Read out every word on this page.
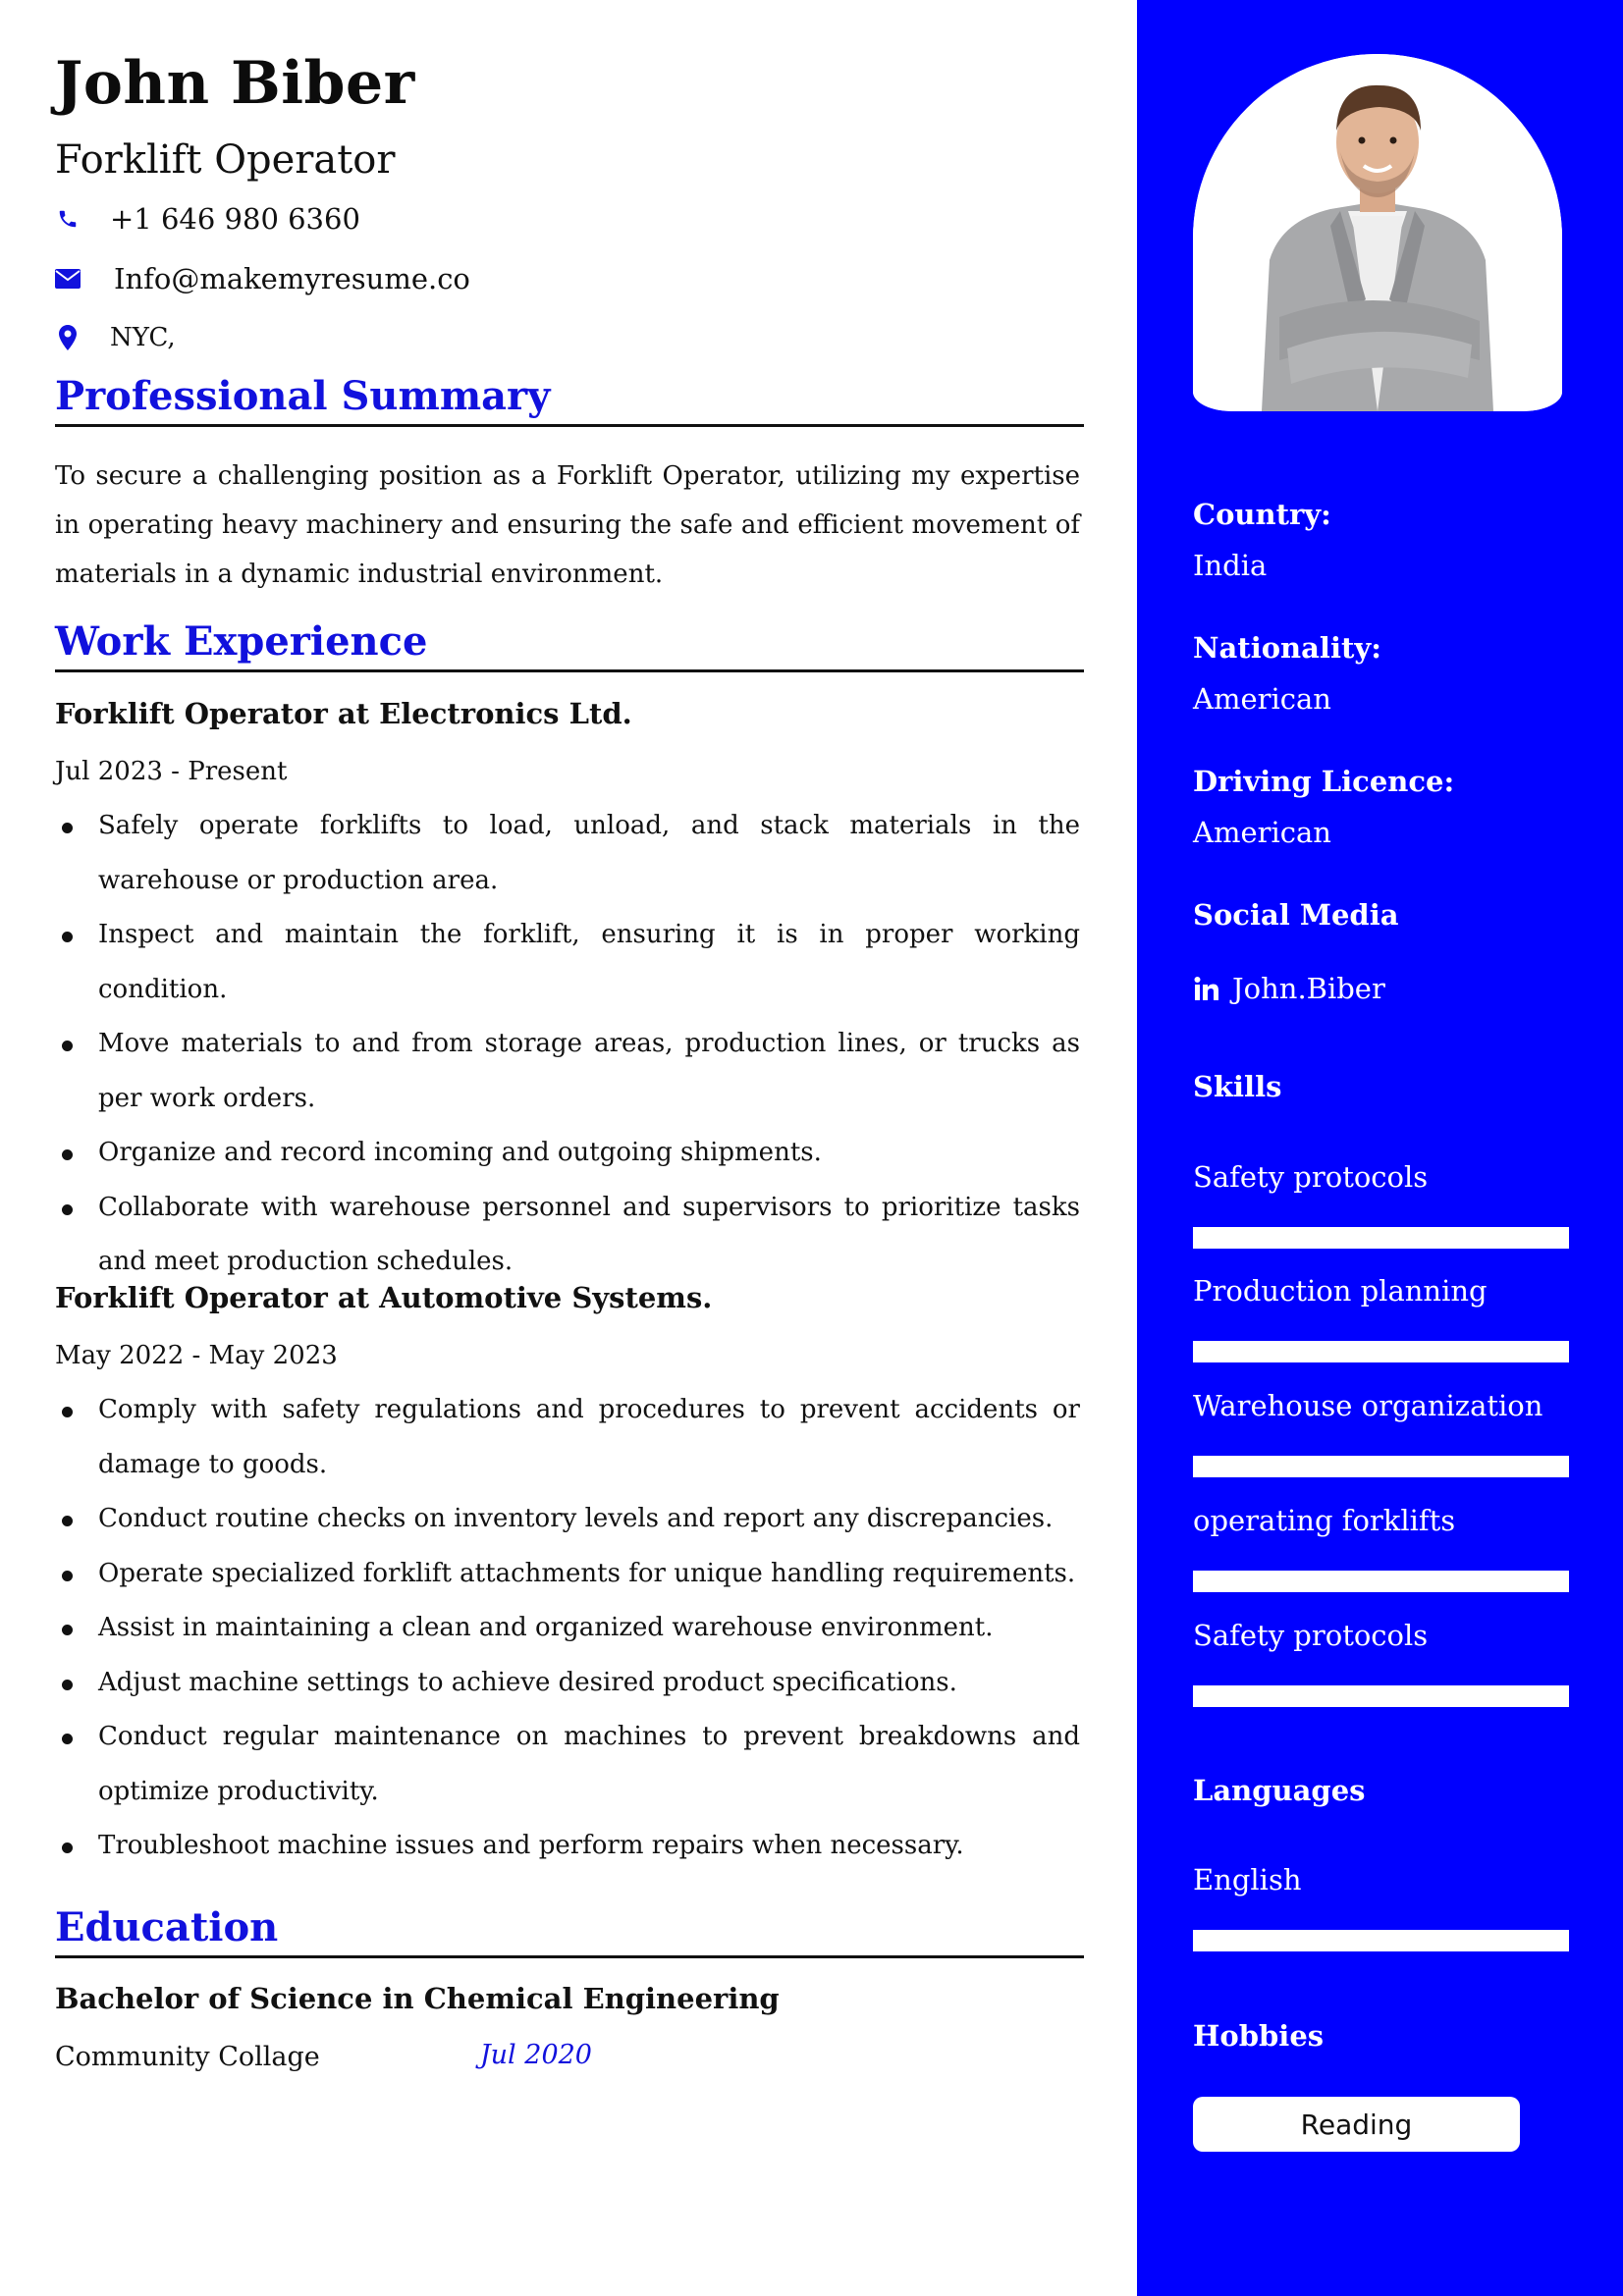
John Biber
Forklift Operator
+1 646 980 6360
Info@makemyresume.co
NYC,
Professional Summary

To secure a challenging position as a Forklift Operator, utilizing my expertise in operating heavy machinery and ensuring the safe and efficient movement of materials in a dynamic industrial environment.

Work Experience
Forklift Operator at Electronics Ltd.
Jul 2023 - Present
Safely operate forklifts to load, unload, and stack materials in the warehouse or production area.
Inspect and maintain the forklift, ensuring it is in proper working condition.
Move materials to and from storage areas, production lines, or trucks as per work orders.
Organize and record incoming and outgoing shipments.
Collaborate with warehouse personnel and supervisors to prioritize tasks and meet production schedules.
Forklift Operator at Automotive Systems.
May 2022 - May 2023
Comply with safety regulations and procedures to prevent accidents or damage to goods.
Conduct routine checks on inventory levels and report any discrepancies.
Operate specialized forklift attachments for unique handling requirements.
Assist in maintaining a clean and organized warehouse environment.
Adjust machine settings to achieve desired product specifications.
Conduct regular maintenance on machines to prevent breakdowns and optimize productivity.
Troubleshoot machine issues and perform repairs when necessary.
Education
Bachelor of Science in Chemical Engineering
Community Collage	Jul 2020
Country:
India
Nationality:
American
Driving Licence:
American
Social Media
John.Biber
Skills
Safety protocols
Production planning
Warehouse organization
operating forklifts
Safety protocols
Languages
English
Hobbies
Reading
